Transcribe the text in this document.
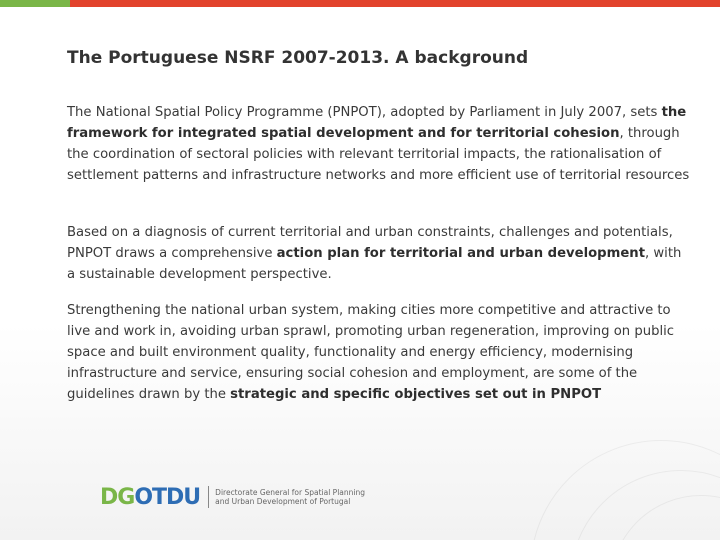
The Portuguese NSRF 2007-2013. A background
The National Spatial Policy Programme (PNPOT), adopted by Parliament in July 2007, sets the framework for integrated spatial development and for territorial cohesion, through the coordination of sectoral policies with relevant territorial impacts, the rationalisation of settlement patterns and infrastructure networks and more efficient use of territorial resources
Based on a diagnosis of current territorial and urban constraints, challenges and potentials, PNPOT draws a comprehensive action plan for territorial and urban development, with a sustainable development perspective.
Strengthening the national urban system, making cities more competitive and attractive to live and work in, avoiding urban sprawl, promoting urban regeneration, improving on public space and built environment quality, functionality and energy efficiency, modernising infrastructure and service, ensuring social cohesion and employment, are some of the guidelines drawn by the strategic and specific objectives set out in PNPOT
DGOTDU Directorate General for Spatial Planning
and Urban Development of Portugal
